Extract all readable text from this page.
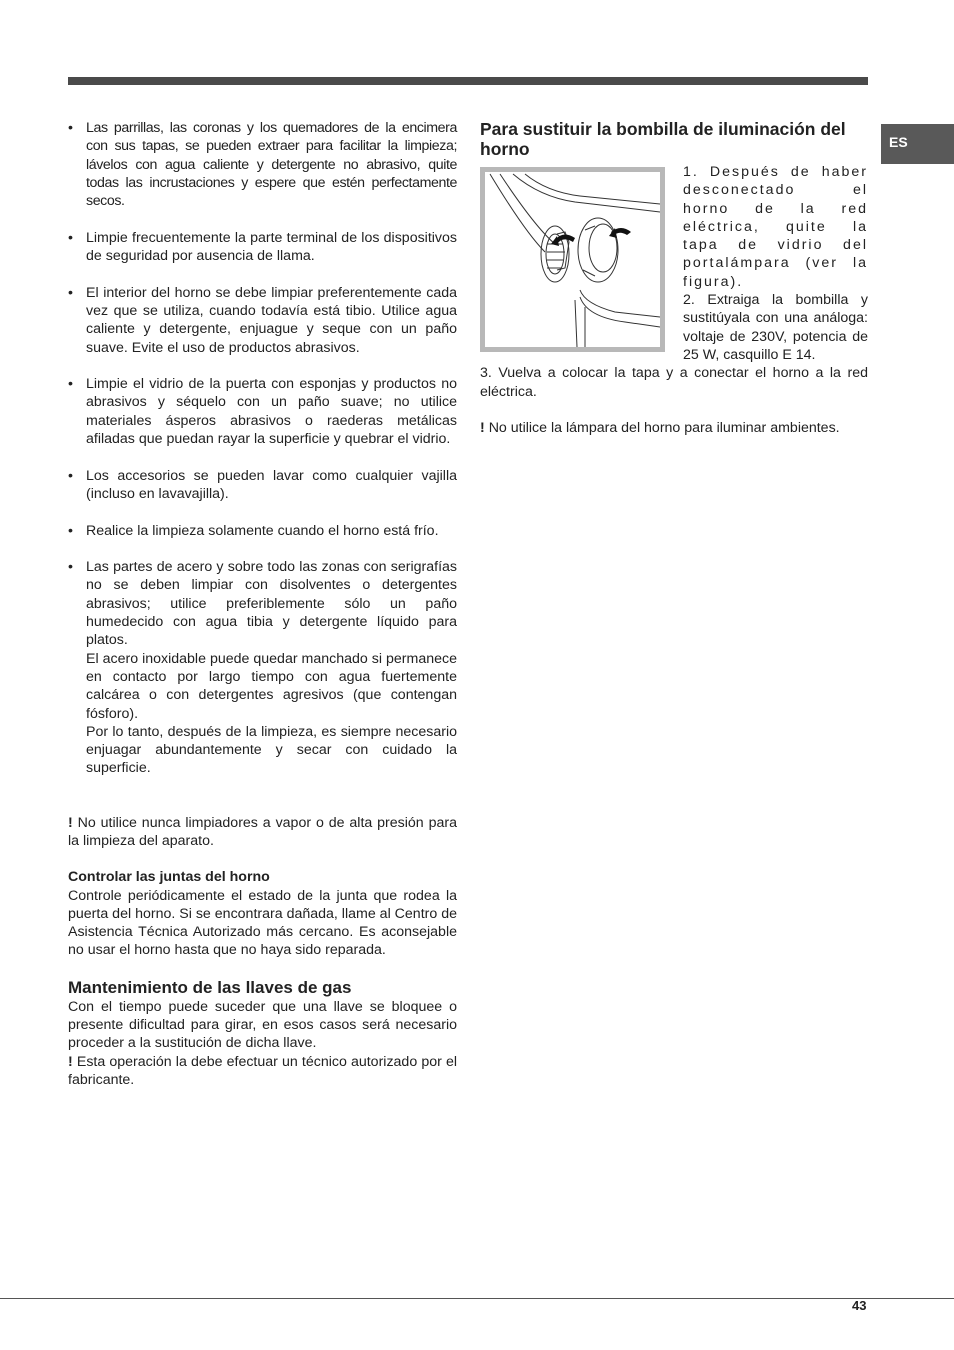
ES
• Las parrillas, las coronas y los quemadores de la encimera con sus tapas, se pueden extraer para facilitar la limpieza; lávelos con agua caliente y detergente no abrasivo, quite todas las incrustaciones y espere que estén perfectamente secos.
• Limpie frecuentemente la parte terminal de los dispositivos de seguridad por ausencia de llama.
• El interior del horno se debe limpiar preferentemente cada vez que se utiliza, cuando todavía está tibio. Utilice agua caliente y detergente, enjuague y seque con un paño suave. Evite el uso de productos abrasivos.
• Limpie el vidrio de la puerta con esponjas y productos no abrasivos y séquelo con un paño suave; no utilice materiales ásperos abrasivos o raederas metálicas afiladas que puedan rayar la superficie y quebrar el vidrio.
• Los accesorios se pueden lavar como cualquier vajilla (incluso en lavavajilla).
• Realice la limpieza solamente cuando el horno está frío.
• Las partes de acero y sobre todo las zonas con serigrafías no se deben limpiar con disolventes o detergentes abrasivos; utilice preferiblemente sólo un paño humedecido con agua tibia y detergente líquido para platos.
El acero inoxidable puede quedar manchado si permanece en contacto por largo tiempo con agua fuertemente calcárea o con detergentes agresivos (que contengan fósforo).
Por lo tanto, después de la limpieza, es siempre necesario enjuagar abundantemente y secar con cuidado la superficie.

! No utilice nunca limpiadores a vapor o de alta presión para la limpieza del aparato.

Controlar las juntas del horno

Controle periódicamente el estado de la junta que rodea la puerta del horno. Si se encontrara dañada, llame al Centro de Asistencia Técnica Autorizado más cercano. Es aconsejable no usar el horno hasta que no haya sido reparada.

Mantenimiento de las llaves de gas

Con el tiempo puede suceder que una llave se bloquee o presente dificultad para girar, en esos casos será necesario proceder a la sustitución de dicha llave.

! Esta operación la debe efectuar un técnico autorizado por el fabricante.

Para sustituir la bombilla de iluminación del horno

1. Después de haber desconectado el horno de la red eléctrica, quite la tapa de vidrio del portalámpara (ver la figura).

2. Extraiga la bombilla y sustitúyala con una análoga: voltaje de 230V, potencia de 25 W, casquillo E 14.

3. Vuelva a colocar la tapa y a conectar el horno a la red eléctrica.

! No utilice la lámpara del horno para iluminar ambientes.

43
